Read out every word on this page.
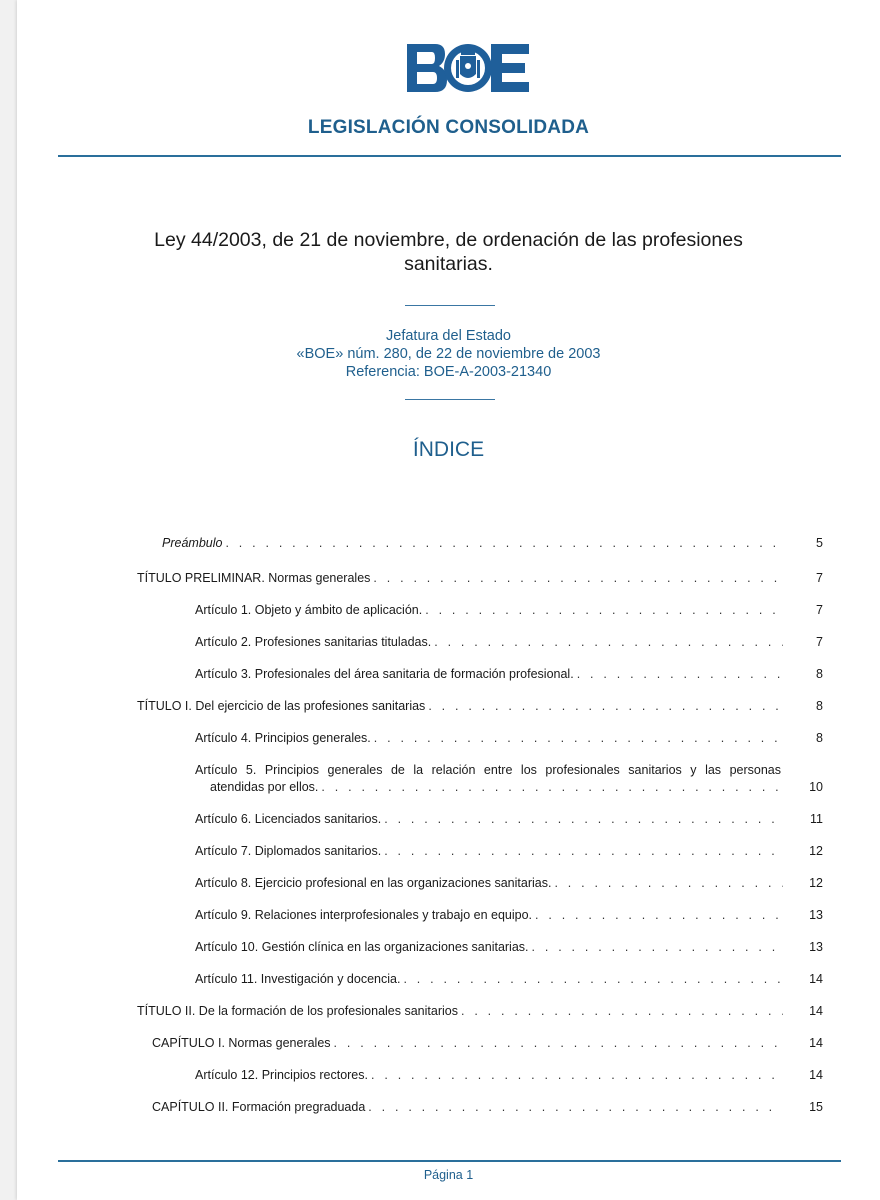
LEGISLACIÓN CONSOLIDADA
Ley 44/2003, de 21 de noviembre, de ordenación de las profesiones sanitarias.
Jefatura del Estado
«BOE» núm. 280, de 22 de noviembre de 2003
Referencia: BOE-A-2003-21340
ÍNDICE
Preámbulo . . .	5
TÍTULO PRELIMINAR. Normas generales . . .	7
Artículo 1. Objeto y ámbito de aplicación. . . .	7
Artículo 2. Profesiones sanitarias tituladas. . . .	7
Artículo 3. Profesionales del área sanitaria de formación profesional. . . .	8
TÍTULO I. Del ejercicio de las profesiones sanitarias . . .	8
Artículo 4. Principios generales. . . .	8
Artículo 5. Principios generales de la relación entre los profesionales sanitarios y las personas
atendidas por ellos. . . .	10
Artículo 6. Licenciados sanitarios. . . .	11
Artículo 7. Diplomados sanitarios. . . .	12
Artículo 8. Ejercicio profesional en las organizaciones sanitarias. . . .	12
Artículo 9. Relaciones interprofesionales y trabajo en equipo. . . .	13
Artículo 10. Gestión clínica en las organizaciones sanitarias. . . .	13
Artículo 11. Investigación y docencia. . . .	14
TÍTULO II. De la formación de los profesionales sanitarios . . .	14
CAPÍTULO I. Normas generales . . .	14
Artículo 12. Principios rectores. . . .	14
CAPÍTULO II. Formación pregraduada . . .	15
Página 1
